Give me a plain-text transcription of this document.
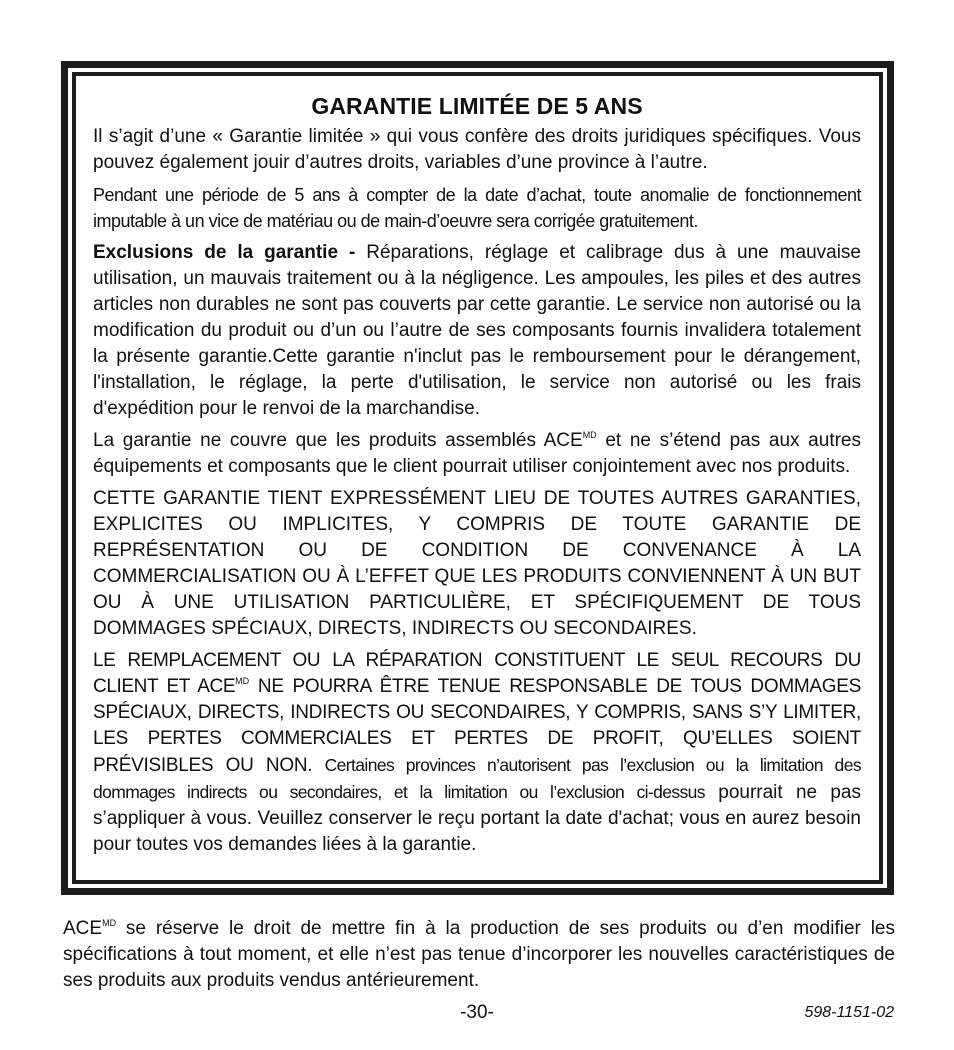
GARANTIE LIMITÉE DE 5 ANS

Il s’agit d’une « Garantie limitée » qui vous confère des droits juridiques spécifiques. Vous pouvez également jouir d’autres droits, variables d’une province à l’autre.

Pendant une période de 5 ans à compter de la date d’achat, toute anomalie de fonctionnement imputable à un vice de matériau ou de main-d’oeuvre sera corrigée gratuitement.

Exclusions de la garantie - Réparations, réglage et calibrage dus à une mauvaise utilisation, un mauvais traitement ou à la négligence. Les ampoules, les piles et des autres articles non durables ne sont pas couverts par cette garantie. Le service non autorisé ou la modification du produit ou d’un ou l’autre de ses composants fournis invalidera totalement la présente garantie.Cette garantie n'inclut pas le remboursement pour le dérangement, l'installation, le réglage, la perte d'utilisation, le service non autorisé ou les frais d'expédition pour le renvoi de la marchandise.

La garantie ne couvre que les produits assemblés $ACE^{MD}$ et ne s’étend pas aux autres équipements et composants que le client pourrait utiliser conjointement avec nos produits.

CETTE GARANTIE TIENT EXPRESSÉMENT LIEU DE TOUTES AUTRES GARANTIES, EXPLICITES OU IMPLICITES, Y COMPRIS DE TOUTE GARANTIE DE REPRÉSENTATION OU DE CONDITION DE CONVENANCE À LA COMMERCIALISATION OU À L’EFFET QUE LES PRODUITS CONVIENNENT À UN BUT OU À UNE UTILISATION PARTICULIÈRE, ET SPÉCIFIQUEMENT DE TOUS DOMMAGES SPÉCIAUX, DIRECTS, INDIRECTS OU SECONDAIRES.

LE REMPLACEMENT OU LA RÉPARATION CONSTITUENT LE SEUL RECOURS DU CLIENT ET $ACE^{MD}$ NE POURRA ÊTRE TENUE RESPONSABLE DE TOUS DOMMAGES SPÉCIAUX, DIRECTS, INDIRECTS OU SECONDAIRES, Y COMPRIS, SANS S’Y LIMITER, LES PERTES COMMERCIALES ET PERTES DE PROFIT, QU’ELLES SOIENT PRÉVISIBLES OU NON. Certaines provinces n’autorisent pas l’exclusion ou la limitation des dommages indirects ou secondaires, et la limitation ou l’exclusion ci-dessus pourrait ne pas s’appliquer à vous. Veuillez conserver le reçu portant la date d'achat; vous en aurez besoin pour toutes vos demandes liées à la garantie.

$ACE^{MD}$ se réserve le droit de mettre fin à la production de ses produits ou d’en modifier les spécifications à tout moment, et elle n’est pas tenue d’incorporer les nouvelles caractéristiques de ses produits aux produits vendus antérieurement.
-30-	598-1151-02
